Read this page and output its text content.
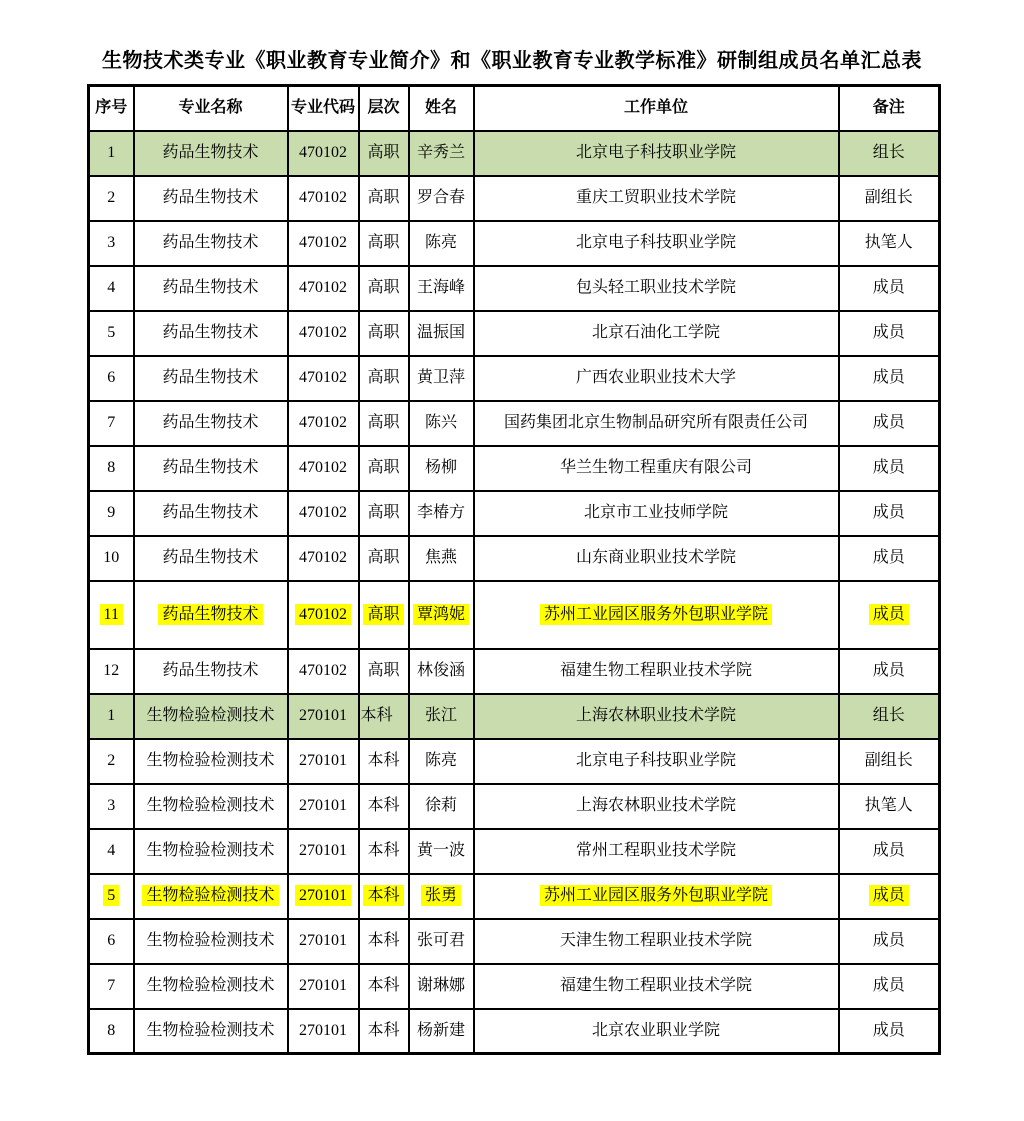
生物技术类专业《职业教育专业简介》和《职业教育专业教学标准》研制组成员名单汇总表
序号	专业名称	专业代码	层次	姓名	工作单位	备注
1	药品生物技术	470102	高职	辛秀兰	北京电子科技职业学院	组长
2	药品生物技术	470102	高职	罗合春	重庆工贸职业技术学院	副组长
3	药品生物技术	470102	高职	陈亮	北京电子科技职业学院	执笔人
4	药品生物技术	470102	高职	王海峰	包头轻工职业技术学院	成员
5	药品生物技术	470102	高职	温振国	北京石油化工学院	成员
6	药品生物技术	470102	高职	黄卫萍	广西农业职业技术大学	成员
7	药品生物技术	470102	高职	陈兴	国药集团北京生物制品研究所有限责任公司	成员
8	药品生物技术	470102	高职	杨柳	华兰生物工程重庆有限公司	成员
9	药品生物技术	470102	高职	李椿方	北京市工业技师学院	成员
10	药品生物技术	470102	高职	焦燕	山东商业职业技术学院	成员
11	药品生物技术	470102	高职	覃鸿妮	苏州工业园区服务外包职业学院	成员
12	药品生物技术	470102	高职	林俊涵	福建生物工程职业技术学院	成员
1	生物检验检测技术	270101	本科	张江	上海农林职业技术学院	组长
2	生物检验检测技术	270101	本科	陈亮	北京电子科技职业学院	副组长
3	生物检验检测技术	270101	本科	徐莉	上海农林职业技术学院	执笔人
4	生物检验检测技术	270101	本科	黄一波	常州工程职业技术学院	成员
5	生物检验检测技术	270101	本科	张勇	苏州工业园区服务外包职业学院	成员
6	生物检验检测技术	270101	本科	张可君	天津生物工程职业技术学院	成员
7	生物检验检测技术	270101	本科	谢琳娜	福建生物工程职业技术学院	成员
8	生物检验检测技术	270101	本科	杨新建	北京农业职业学院	成员
